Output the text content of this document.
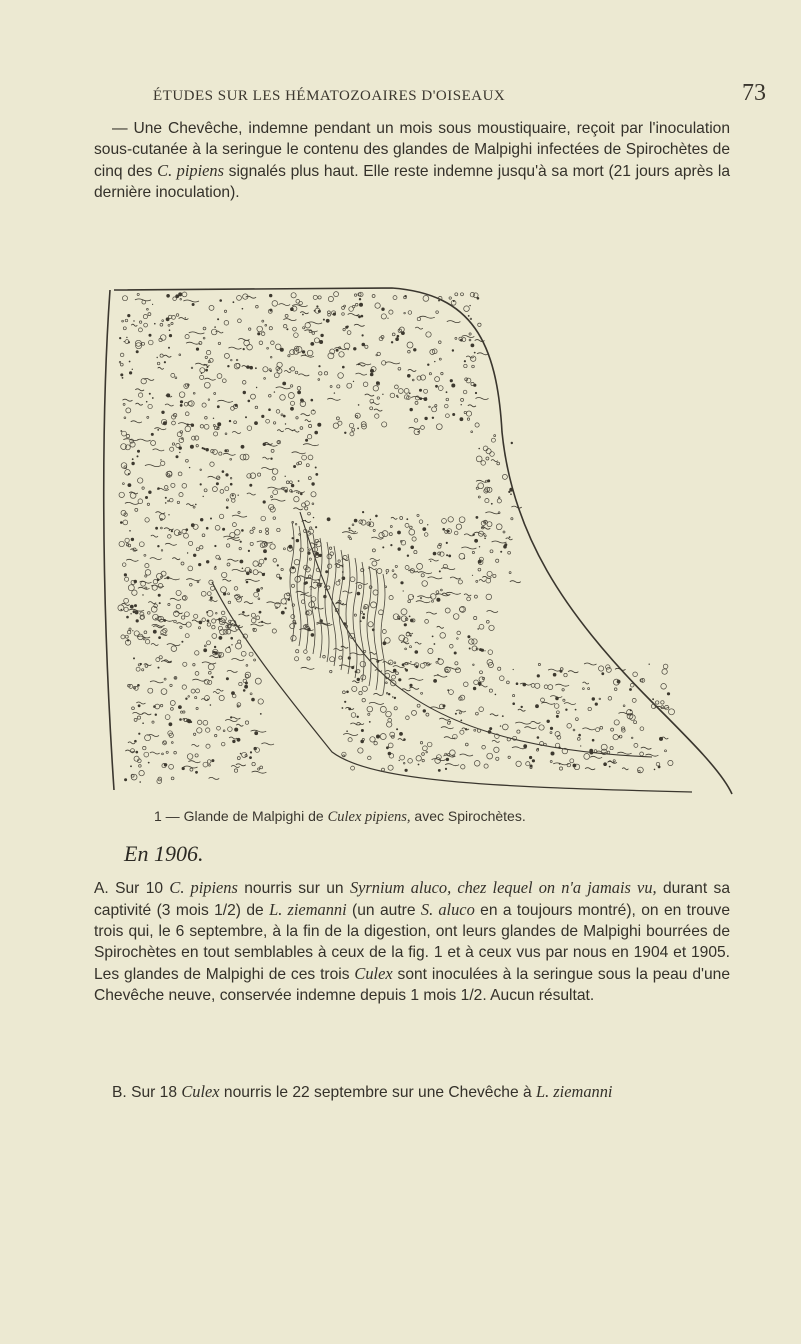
ÉTUDES SUR LES HÉMATOZOAIRES D'OISEAUX	73

— Une Chevêche, indemne pendant un mois sous moustiquaire, reçoit par l'inoculation sous-cutanée à la seringue le contenu des glandes de Malpighi infectées de Spirochètes de cinq des C. pipiens signalés plus haut. Elle reste indemne jusqu'à sa mort (21 jours après la dernière inoculation).

1 — Glande de Malpighi de Culex pipiens, avec Spirochètes.
En 1906.

A. Sur 10 C. pipiens nourris sur un Syrnium aluco, chez lequel on n'a jamais vu, durant sa captivité (3 mois 1/2) de L. ziemanni (un autre S. aluco en a toujours montré), on en trouve trois qui, le 6 septembre, à la fin de la digestion, ont leurs glandes de Malpighi bourrées de Spirochètes en tout semblables à ceux de la fig. 1 et à ceux vus par nous en 1904 et 1905. Les glandes de Malpighi de ces trois Culex sont inoculées à la seringue sous la peau d'une Chevêche neuve, conservée indemne depuis 1 mois 1/2. Aucun résultat.

B. Sur 18 Culex nourris le 22 septembre sur une Chevêche à L. ziemanni
